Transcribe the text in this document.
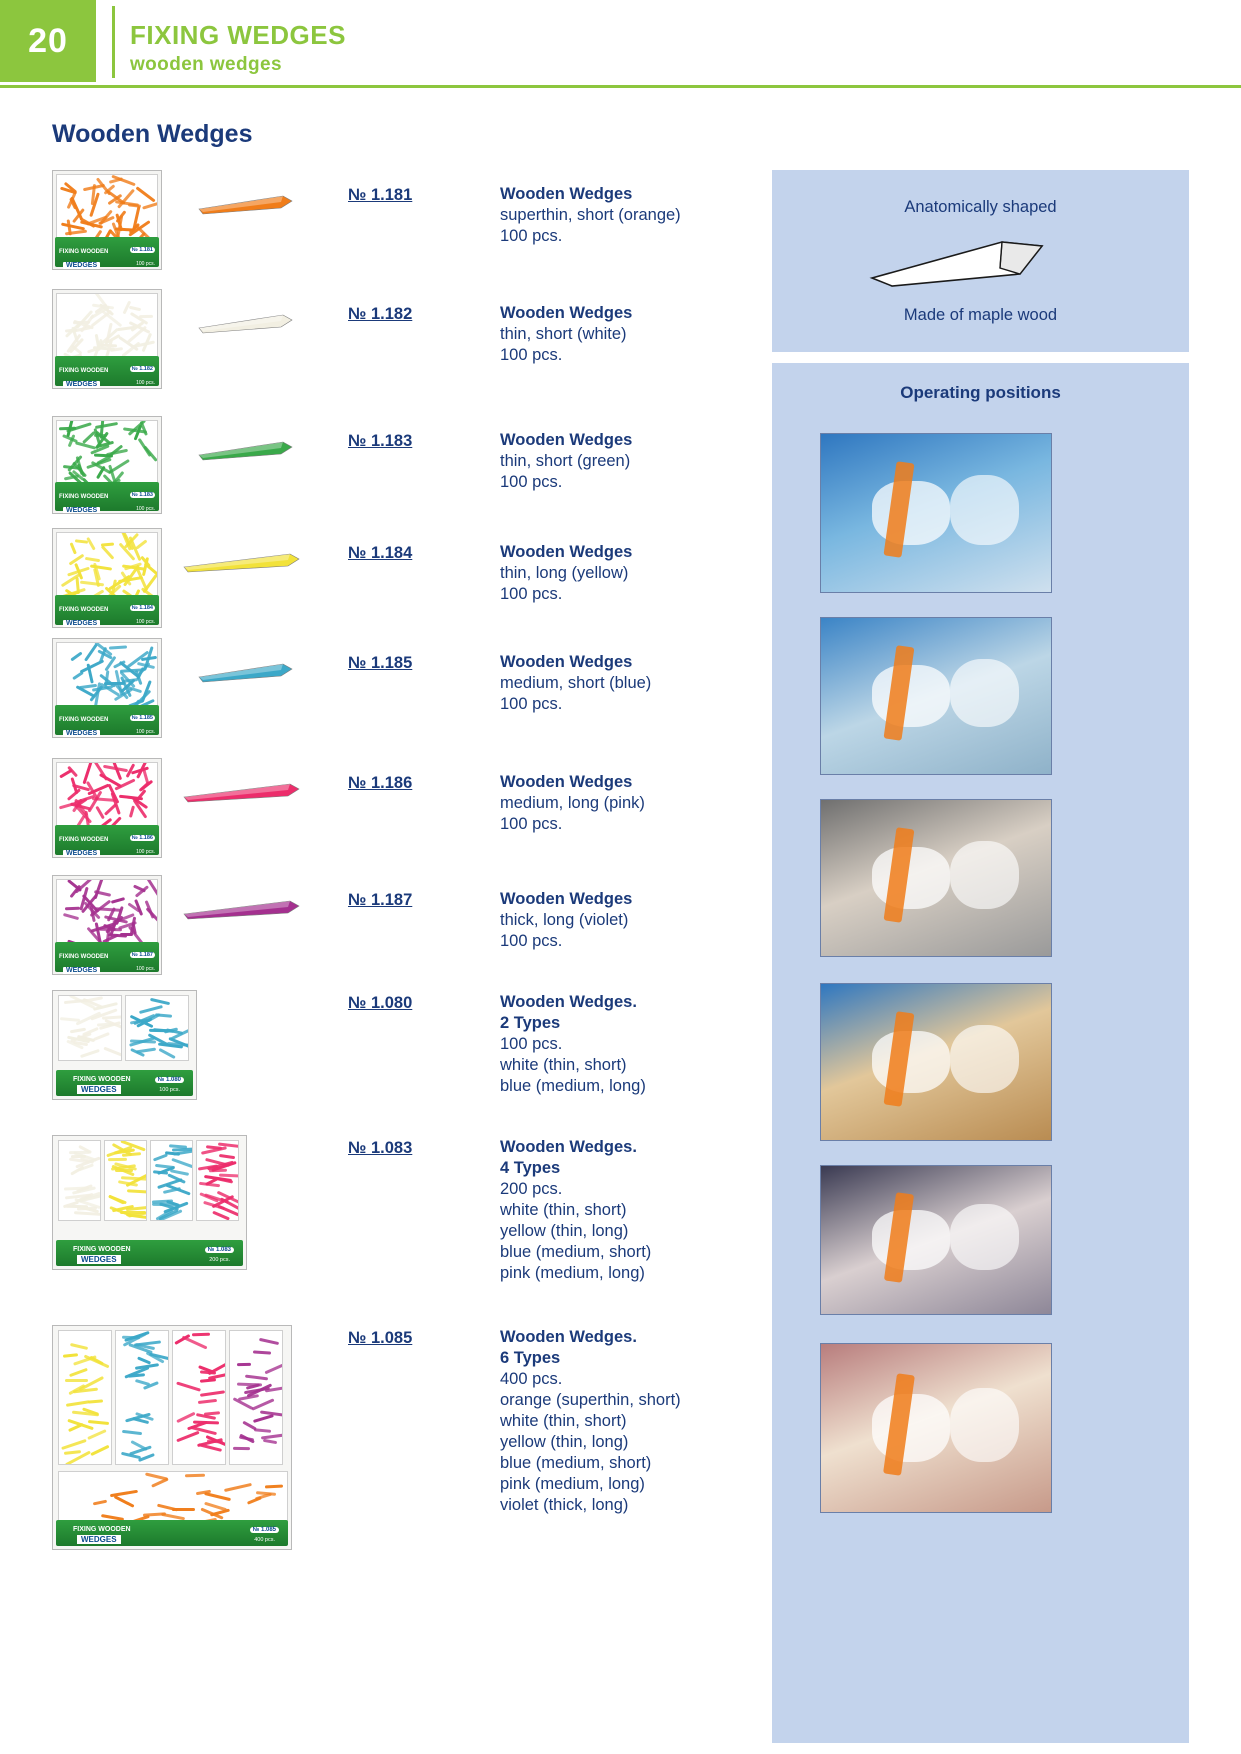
20 FIXING WEDGES
wooden wedges
Wooden Wedges
FIXING WOODEN
WEDGES
№ 1.181
100 pcs.
№ 1.181	Wooden Wedges
superthin, short (orange)
100 pcs.
FIXING WOODEN
WEDGES
№ 1.182
100 pcs.
№ 1.182	Wooden Wedges
thin, short (white)
100 pcs.
FIXING WOODEN
WEDGES
№ 1.183
100 pcs.
№ 1.183	Wooden Wedges
thin, short (green)
100 pcs.
FIXING WOODEN
WEDGES
№ 1.184
100 pcs.
№ 1.184	Wooden Wedges
thin, long (yellow)
100 pcs.
FIXING WOODEN
WEDGES
№ 1.185
100 pcs.
№ 1.185	Wooden Wedges
medium, short (blue)
100 pcs.
FIXING WOODEN
WEDGES
№ 1.186
100 pcs.
№ 1.186	Wooden Wedges
medium, long (pink)
100 pcs.
FIXING WOODEN
WEDGES
№ 1.187
100 pcs.
№ 1.187	Wooden Wedges
thick, long (violet)
100 pcs.
FIXING WOODEN
WEDGES
№ 1.080
100 pcs.
№ 1.080	Wooden Wedges.
2 Types
100 pcs.

white (thin, short)
blue (medium, long)
FIXING WOODEN
WEDGES
№ 1.083
200 pcs.
№ 1.083	Wooden Wedges.
4 Types
200 pcs.

white (thin, short)
yellow (thin, long)
blue (medium, short)
pink (medium, long)
FIXING WOODEN
WEDGES
№ 1.085
400 pcs.
№ 1.085	Wooden Wedges.
6 Types
400 pcs.

orange (superthin, short)
white (thin, short)
yellow (thin, long)
blue (medium, short)
pink (medium, long)
violet (thick, long)
Anatomically shaped
Made of maple wood
Operating positions
